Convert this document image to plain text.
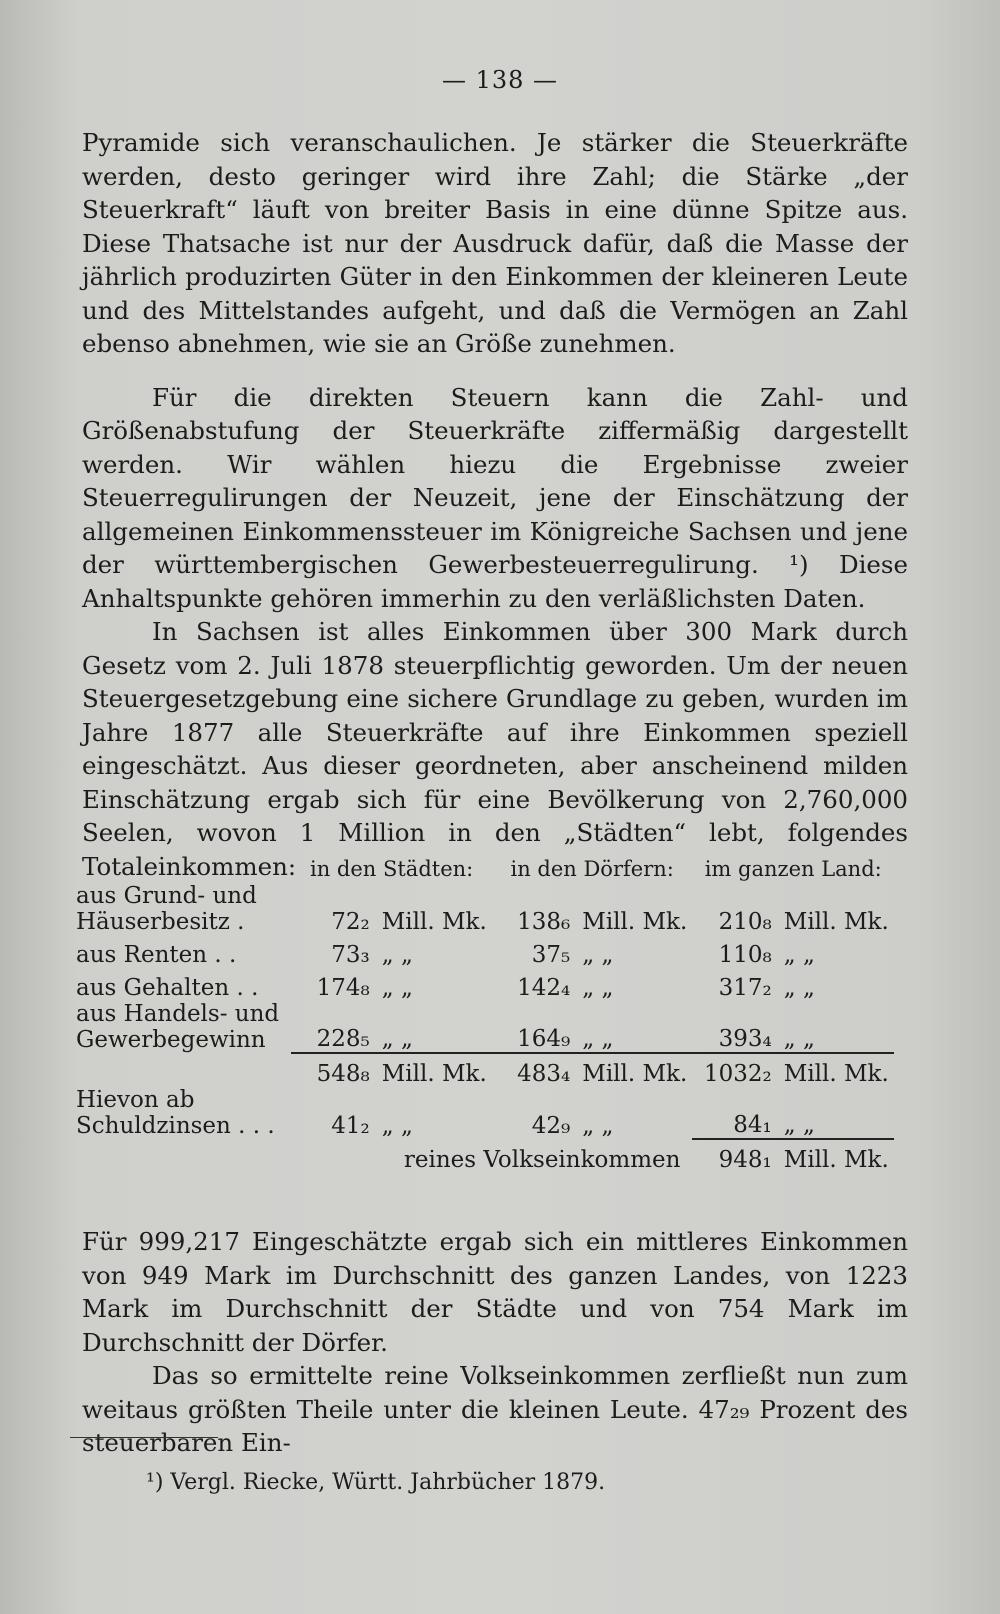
— 138 —

Pyramide sich veranschaulichen. Je stärker die Steuerkräfte werden, desto geringer wird ihre Zahl; die Stärke „der Steuerkraft“ läuft von breiter Basis in eine dünne Spitze aus. Diese Thatsache ist nur der Ausdruck dafür, daß die Masse der jährlich produzirten Güter in den Einkommen der kleineren Leute und des Mittelstandes aufgeht, und daß die Vermögen an Zahl ebenso abnehmen, wie sie an Größe zunehmen.

Für die direkten Steuern kann die Zahl- und Größenabstufung der Steuerkräfte ziffermäßig dargestellt werden. Wir wählen hiezu die Ergebnisse zweier Steuerregulirungen der Neuzeit, jene der Einschätzung der allgemeinen Einkommenssteuer im Königreiche Sachsen und jene der württembergischen Gewerbesteuerregulirung. ¹) Diese Anhaltspunkte gehören immerhin zu den verläßlichsten Daten.

In Sachsen ist alles Einkommen über 300 Mark durch Gesetz vom 2. Juli 1878 steuerpflichtig geworden. Um der neuen Steuergesetzgebung eine sichere Grundlage zu geben, wurden im Jahre 1877 alle Steuerkräfte auf ihre Einkommen speziell eingeschätzt. Aus dieser geordneten, aber anscheinend milden Einschätzung ergab sich für eine Bevölkerung von 2,760,000 Seelen, wovon 1 Million in den „Städten“ lebt, folgendes Totaleinkommen:

	in den Städten:		in den Dörfern:		im ganzen Land:	
aus Grund- und Häuserbesitz .	72₂	Mill. Mk.	138₆	Mill. Mk.	210₈	Mill. Mk.
aus Renten . .	73₃	„ „	37₅	„ „	110₈	„ „
aus Gehalten . .	174₈	„ „	142₄	„ „	317₂	„ „
aus Handels- und Gewerbegewinn	228₅	„ „	164₉	„ „	393₄	„ „
	548₈	Mill. Mk.	483₄	Mill. Mk.	1032₂	Mill. Mk.
Hievon ab Schuldzinsen . . .	41₂	„ „	42₉	„ „	84₁	„ „
reines Volkseinkommen					948₁	Mill. Mk.

Für 999,217 Eingeschätzte ergab sich ein mittleres Einkommen von 949 Mark im Durchschnitt des ganzen Landes, von 1223 Mark im Durchschnitt der Städte und von 754 Mark im Durchschnitt der Dörfer.

Das so ermittelte reine Volkseinkommen zerfließt nun zum weitaus größten Theile unter die kleinen Leute. 47₂₉ Prozent des steuerbaren Ein-

¹) Vergl. Riecke, Württ. Jahrbücher 1879.
